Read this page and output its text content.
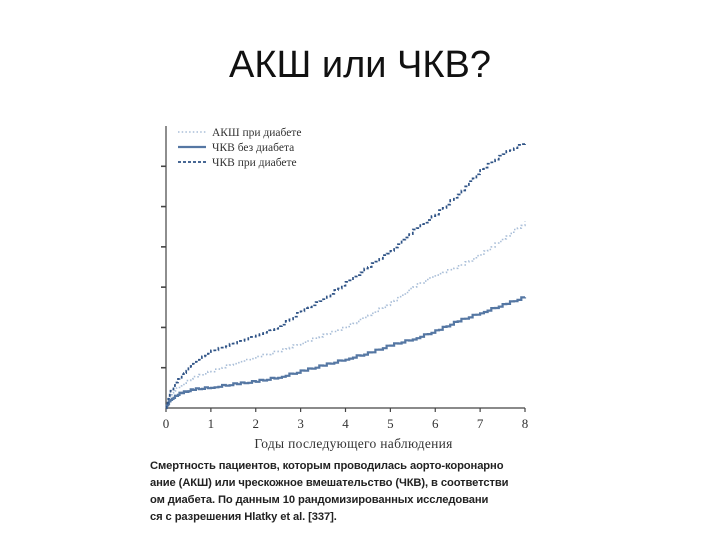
АКШ или ЧКВ?
0	1	2	3	4	5	6	7	8
Годы последующего наблюдения
АКШ при диабете
ЧКВ без диабета
ЧКВ при диабете
Смертность пациентов, которым проводилась аорто-коронарно
ание (АКШ) или чрескожное вмешательство (ЧКВ), в соответстви
ом диабета. По данным 10 рандомизированных исследовани
ся с разрешения Hlatky et al. [337].
